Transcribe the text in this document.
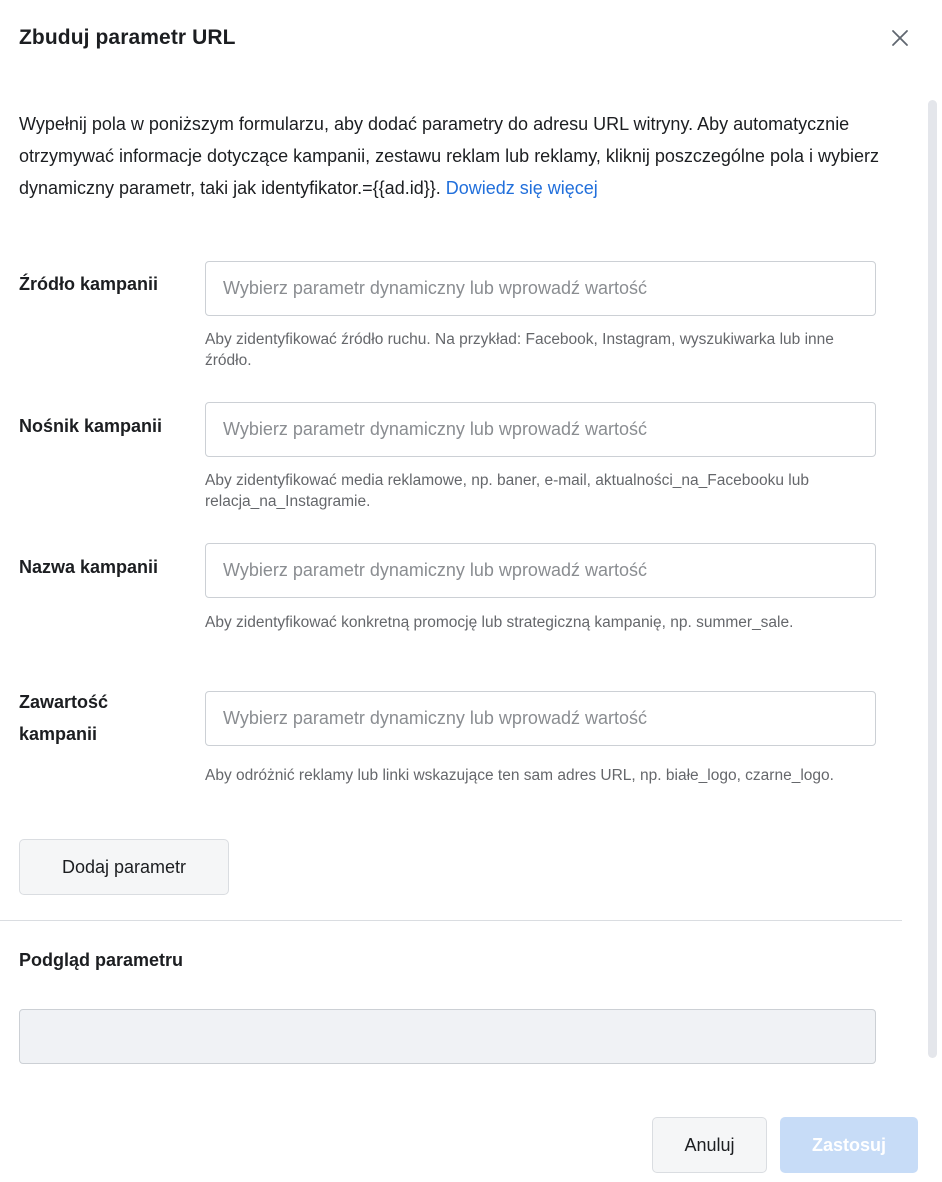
Zbuduj parametr URL
Wypełnij pola w poniższym formularzu, aby dodać parametry do adresu URL witryny. Aby automatycznie otrzymywać informacje dotyczące kampanii, zestawu reklam lub reklamy, kliknij poszczególne pola i wybierz dynamiczny parametr, taki jak identyfikator.={{ad.id}}. Dowiedz się więcej
Źródło kampanii
Wybierz parametr dynamiczny lub wprowadź wartość
Aby zidentyfikować źródło ruchu. Na przykład: Facebook, Instagram, wyszukiwarka lub inne źródło.
Nośnik kampanii
Wybierz parametr dynamiczny lub wprowadź wartość
Aby zidentyfikować media reklamowe, np. baner, e-mail, aktualności_na_Facebooku lub relacja_na_Instagramie.
Nazwa kampanii
Wybierz parametr dynamiczny lub wprowadź wartość
Aby zidentyfikować konkretną promocję lub strategiczną kampanię, np. summer_sale.
Zawartość kampanii
Wybierz parametr dynamiczny lub wprowadź wartość
Aby odróżnić reklamy lub linki wskazujące ten sam adres URL, np. białe_logo, czarne_logo.
Dodaj parametr
Podgląd parametru
Anuluj	Zastosuj
